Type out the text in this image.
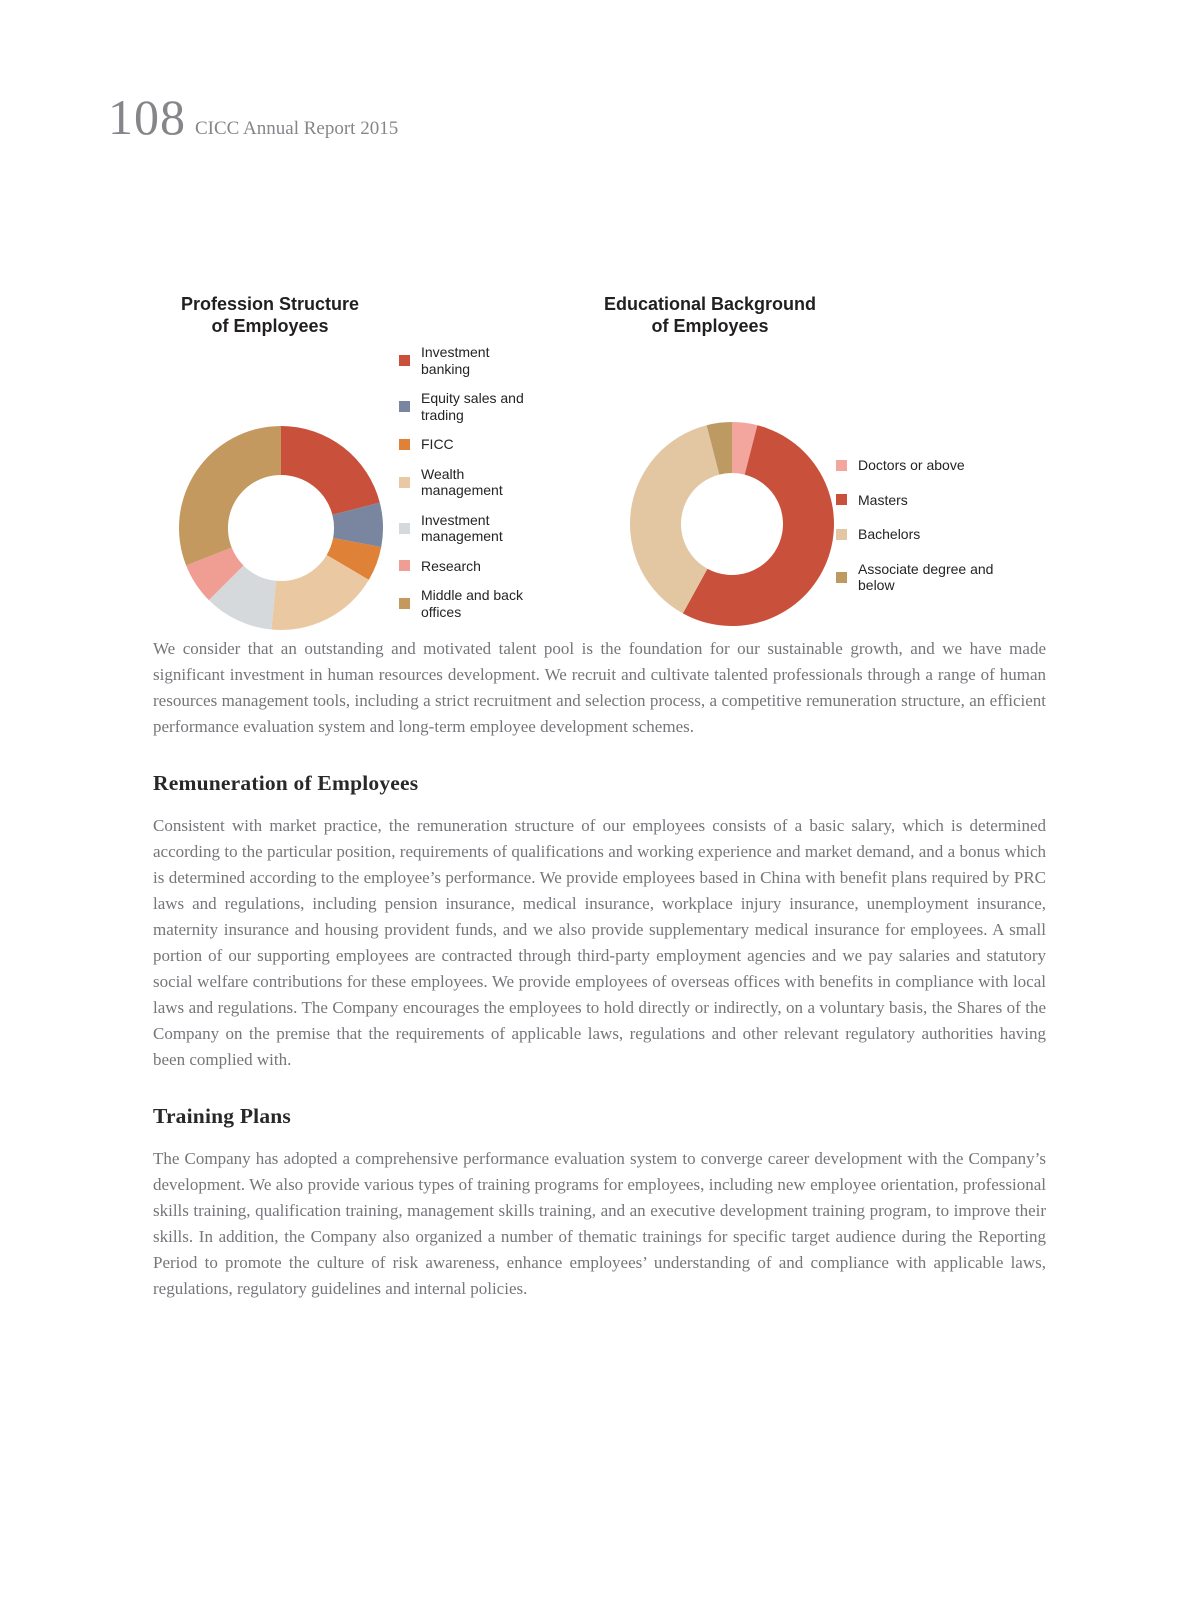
108 CICC Annual Report 2015
Profession Structure
of Employees
Educational Background
of Employees
Investment banking
Equity sales and trading
FICC
Wealth management
Investment management
Research
Middle and back offices
Doctors or above
Masters
Bachelors
Associate degree and below

We consider that an outstanding and motivated talent pool is the foundation for our sustainable growth, and we have made significant investment in human resources development. We recruit and cultivate talented professionals through a range of human resources management tools, including a strict recruitment and selection process, a competitive remuneration structure, an efficient performance evaluation system and long-term employee development schemes.

Remuneration of Employees

Consistent with market practice, the remuneration structure of our employees consists of a basic salary, which is determined according to the particular position, requirements of qualifications and working experience and market demand, and a bonus which is determined according to the employee’s performance. We provide employees based in China with benefit plans required by PRC laws and regulations, including pension insurance, medical insurance, workplace injury insurance, unemployment insurance, maternity insurance and housing provident funds, and we also provide supplementary medical insurance for employees. A small portion of our supporting employees are contracted through third-party employment agencies and we pay salaries and statutory social welfare contributions for these employees. We provide employees of overseas offices with benefits in compliance with local laws and regulations. The Company encourages the employees to hold directly or indirectly, on a voluntary basis, the Shares of the Company on the premise that the requirements of applicable laws, regulations and other relevant regulatory authorities having been complied with.

Training Plans

The Company has adopted a comprehensive performance evaluation system to converge career development with the Company’s development. We also provide various types of training programs for employees, including new employee orientation, professional skills training, qualification training, management skills training, and an executive development training program, to improve their skills. In addition, the Company also organized a number of thematic trainings for specific target audience during the Reporting Period to promote the culture of risk awareness, enhance employees’ understanding of and compliance with applicable laws, regulations, regulatory guidelines and internal policies.
